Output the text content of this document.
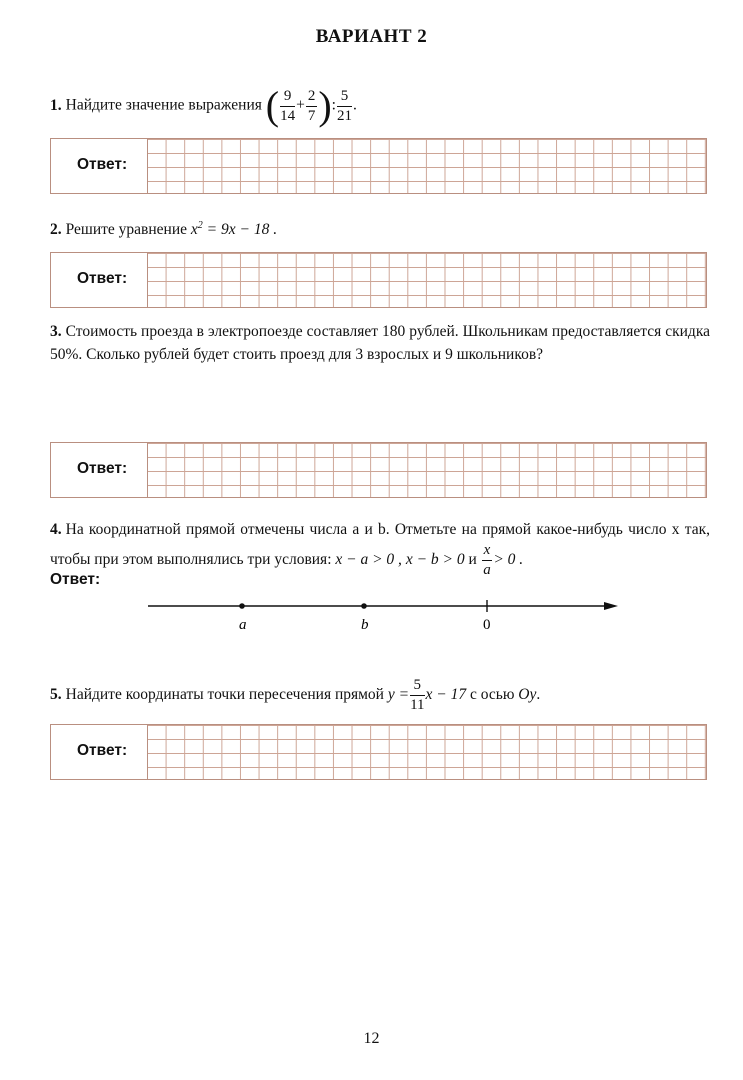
ВАРИАНТ 2
1. Найдите значение выражения ( $\frac{9}{14} + \frac{2}{7}$ ): $\frac{5}{21}$ .
Ответ:
2. Решите уравнение $x^2 = 9x - 18$ .
Ответ:
3. Стоимость проезда в электропоезде составляет 180 рублей. Школьникам предоставляется скидка 50%. Сколько рублей будет стоить проезд для 3 взрослых и 9 школьников?
Ответ:
4. На координатной прямой отмечены числа a и b. Отметьте на прямой какое-нибудь число x так, чтобы при этом выполнялись три условия: x − a > 0 , x − b > 0 и $\frac{x}{a} > 0$ .
Ответ:
a	b	0
5. Найдите координаты точки пересечения прямой $y = \frac{5}{11}$ x − 17 с осью Oy.
Ответ:
12
